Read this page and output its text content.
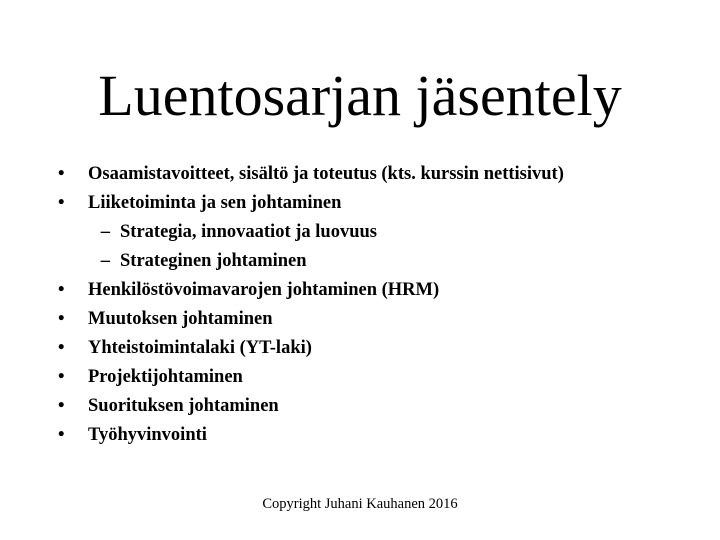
Luentosarjan jäsentely
•	Osaamistavoitteet, sisältö ja toteutus (kts. kurssin nettisivut)
•	Liiketoiminta ja sen johtaminen
– Strategia, innovaatiot ja luovuus
– Strateginen johtaminen
•	Henkilöstövoimavarojen johtaminen (HRM)
•	Muutoksen johtaminen
•	Yhteistoimintalaki (YT-laki)
•	Projektijohtaminen
•	Suorituksen johtaminen
•	Työhyvinvointi
Copyright Juhani Kauhanen 2016
